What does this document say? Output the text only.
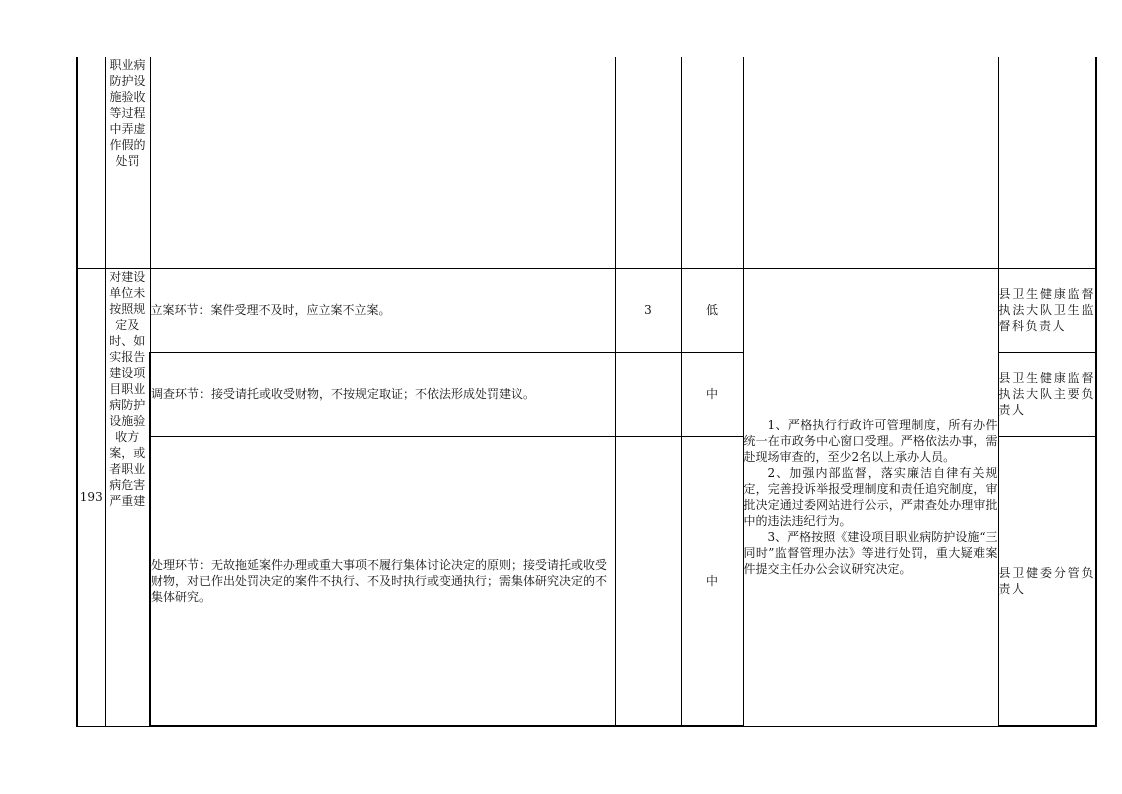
	职业病防护设施验收等过程中弄虚作假的处罚					
193	对建设单位未按照规定及时、如实报告建设项目职业病防护设施验收方案，或者职业病危害严重建	立案环节：案件受理不及时，应立案不立案。	3	低	1、严格执行行政许可管理制度，所有办件统一在市政务中心窗口受理。严格依法办事，需赴现场审查的，至少2名以上承办人员。

2、加强内部监督，落实廉洁自律有关规定，完善投诉举报受理制度和责任追究制度，审批决定通过委网站进行公示，严肃查处办理审批中的违法违纪行为。

3、严格按照《建设项目职业病防护设施“三同时”监督管理办法》等进行处罚，重大疑难案件提交主任办公会议研究决定。	县卫生健康监督执法大队卫生监督科负责人
		调查环节：接受请托或收受财物，不按规定取证；不依法形成处罚建议。		中		县卫生健康监督执法大队主要负责人
		处理环节：无故拖延案件办理或重大事项不履行集体讨论决定的原则；接受请托或收受财物，对已作出处罚决定的案件不执行、不及时执行或变通执行；需集体研究决定的不集体研究。		中		县卫健委分管负责人
